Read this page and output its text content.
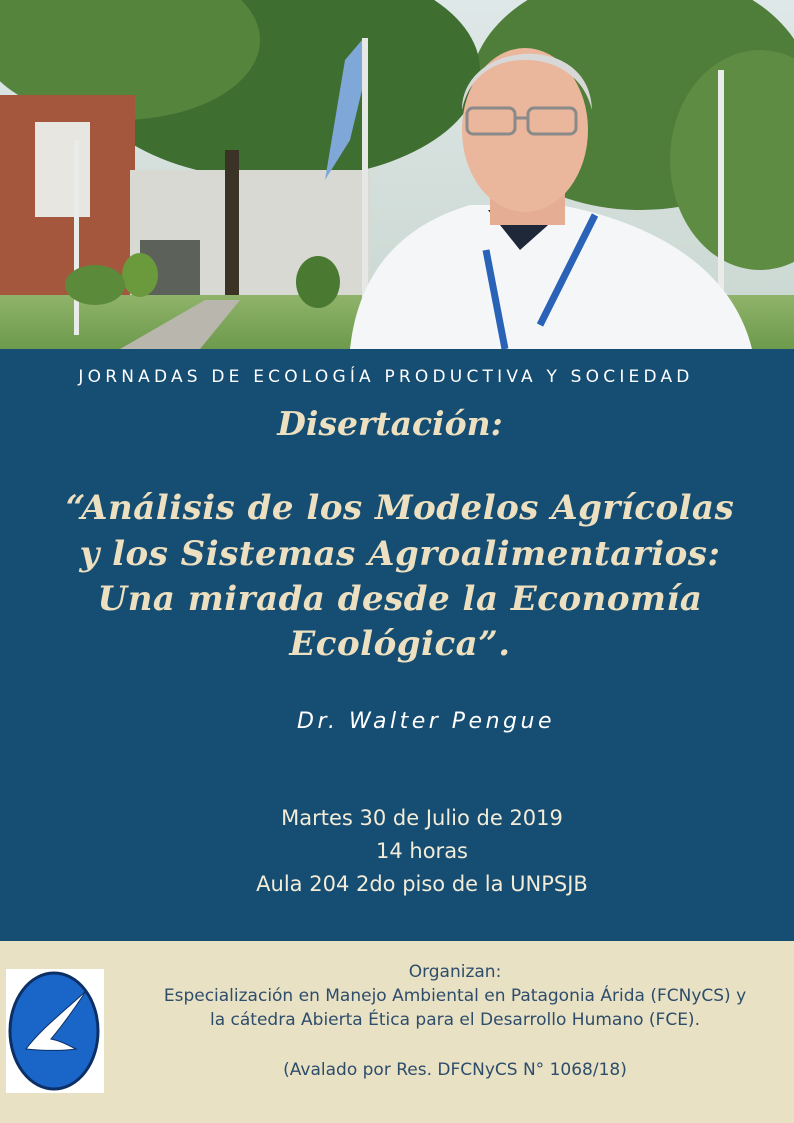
JORNADAS DE ECOLOGÍA PRODUCTIVA Y SOCIEDAD
Disertación:
“Análisis de los Modelos Agrícolas
y los Sistemas Agroalimentarios:
Una mirada desde la Economía
Ecológica”.
Dr. Walter Pengue
Martes 30 de Julio de 2019
14 horas
Aula 204 2do piso de la UNPSJB
Organizan:
Especialización en Manejo Ambiental en Patagonia Árida (FCNyCS) y
la cátedra Abierta Ética para el Desarrollo Humano (FCE).
(Avalado por Res. DFCNyCS N° 1068/18)
